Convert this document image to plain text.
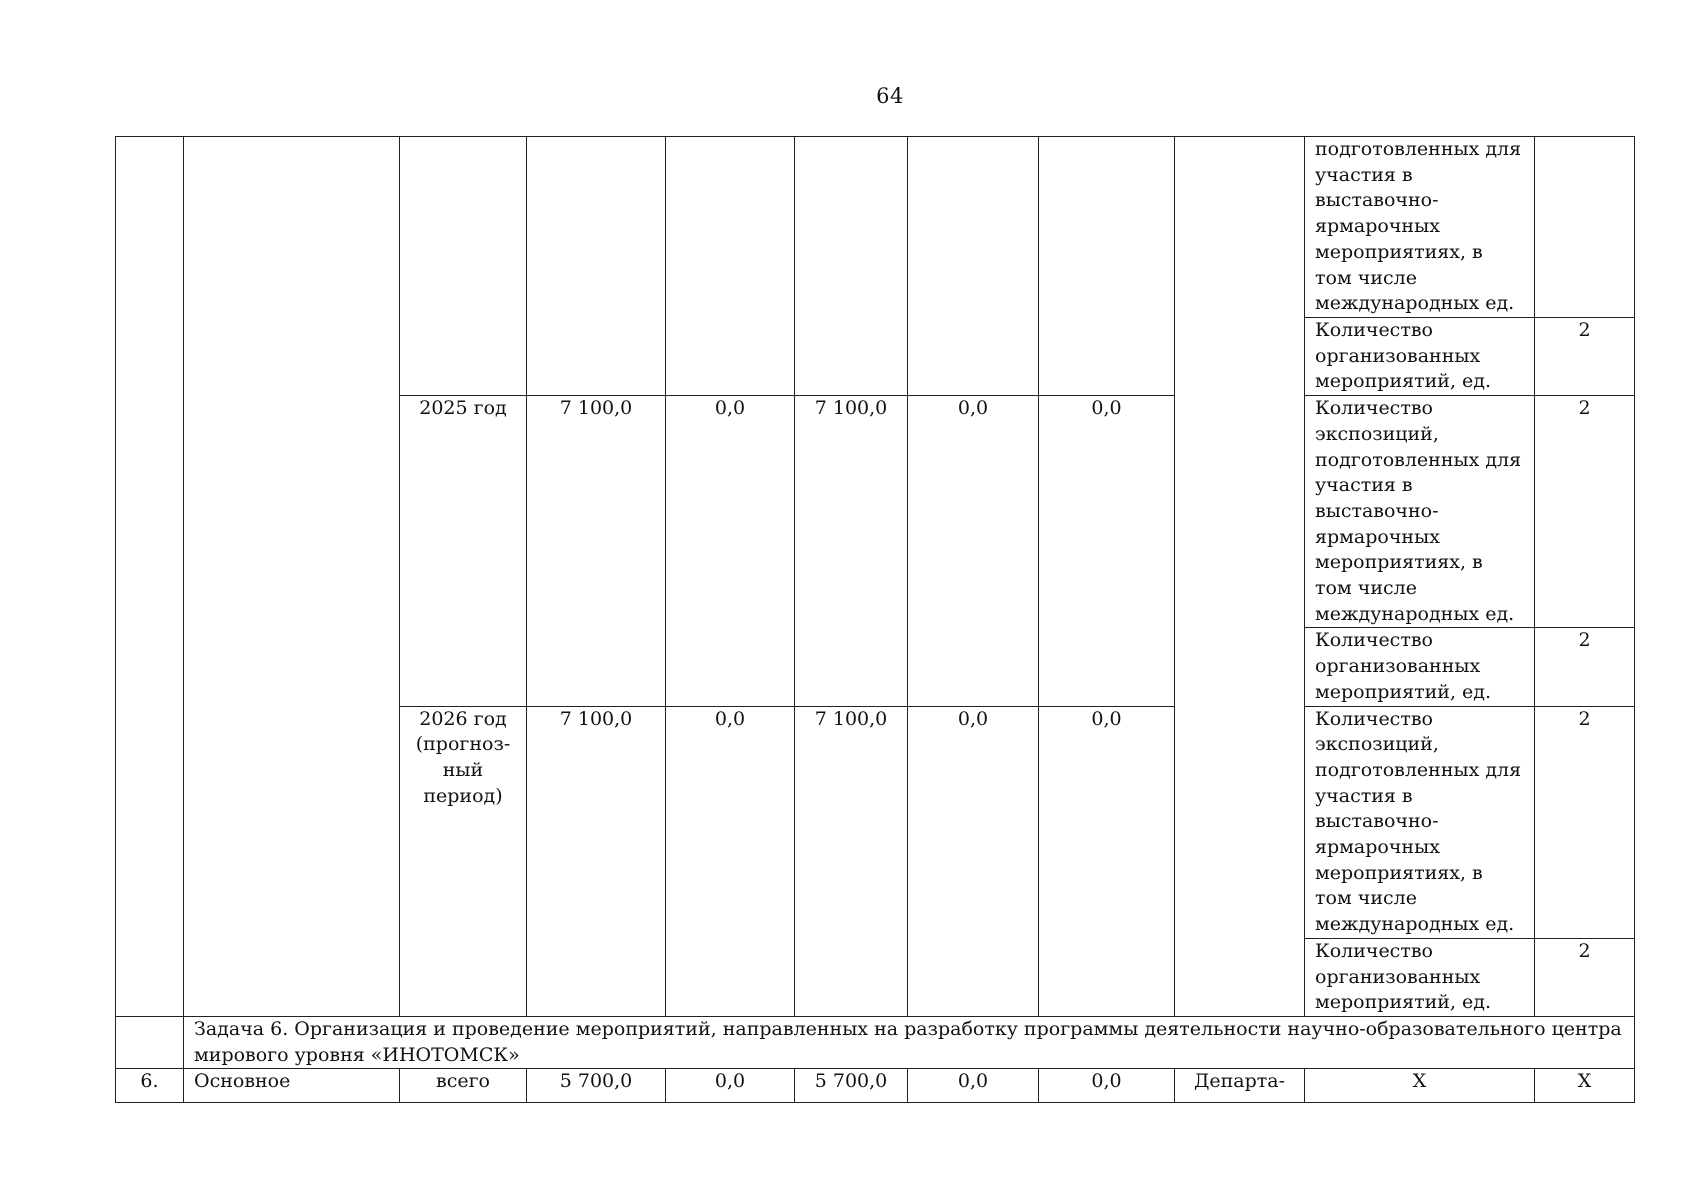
64
									подготовленных для участия в выставочно-ярмарочных мероприятиях, в том числе международных ед.	
									Количество организованных мероприятий, ед.	2
		2025 год	7 100,0	0,0	7 100,0	0,0	0,0		Количество экспозиций, подготовленных для участия в выставочно-ярмарочных мероприятиях, в том числе международных ед.	2
									Количество организованных мероприятий, ед.	2
		2026 год (прогноз-ный период)	7 100,0	0,0	7 100,0	0,0	0,0		Количество экспозиций, подготовленных для участия в выставочно-ярмарочных мероприятиях, в том числе международных ед.	2
									Количество организованных мероприятий, ед.	2
	Задача 6. Организация и проведение мероприятий, направленных на разработку программы деятельности научно-образовательного центра мирового уровня «ИНОТОМСК»									
6.	Основное	всего	5 700,0	0,0	5 700,0	0,0	0,0	Департа-	Х	Х
